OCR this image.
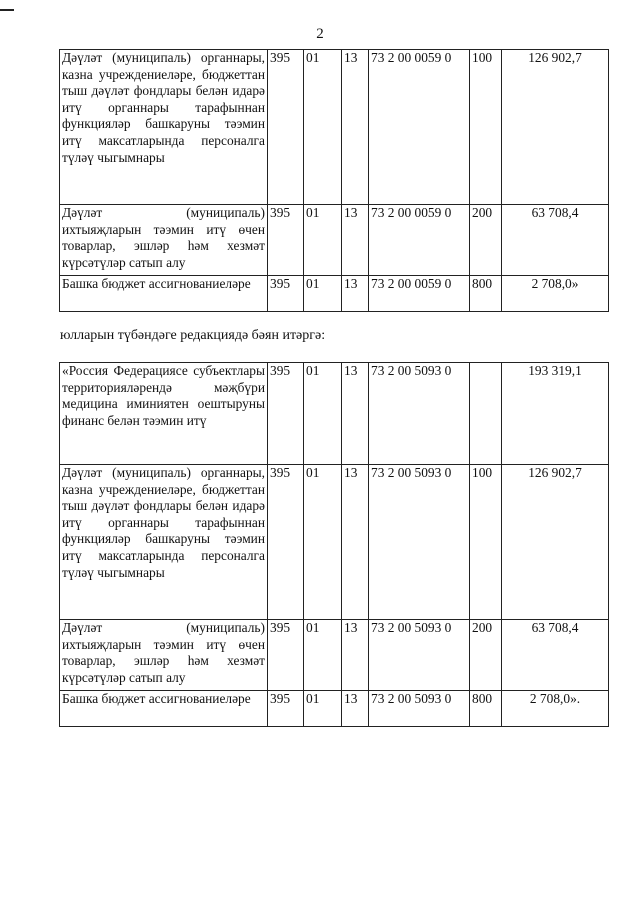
2
Дәүләт (муниципаль) органнары, казна учреждениеләре, бюджеттан тыш дәүләт фондлары белән идарә итү органнары тарафыннан функцияләр башкаруны тәэмин итү максатларында персоналга түләү чыгымнары	395	01	13	73 2 00 0059 0	100	126 902,7
Дәүләт (муниципаль) ихтыяҗларын тәэмин итү өчен товарлар, эшләр һәм хезмәт күрсәтүләр сатып алу	395	01	13	73 2 00 0059 0	200	63 708,4
Башка бюджет ассигнованиеләре	395	01	13	73 2 00 0059 0	800	2 708,0»
юлларын түбәндәге редакциядә бәян итәргә:
«Россия Федерациясе субъектлары территорияләрендә мәҗбүри медицина иминиятен оештыруны финанс белән тәэмин итү	395	01	13	73 2 00 5093 0		193 319,1
Дәүләт (муниципаль) органнары, казна учреждениеләре, бюджеттан тыш дәүләт фондлары белән идарә итү органнары тарафыннан функцияләр башкаруны тәэмин итү максатларында персоналга түләү чыгымнары	395	01	13	73 2 00 5093 0	100	126 902,7
Дәүләт (муниципаль) ихтыяҗларын тәэмин итү өчен товарлар, эшләр һәм хезмәт күрсәтүләр сатып алу	395	01	13	73 2 00 5093 0	200	63 708,4
Башка бюджет ассигнованиеләре	395	01	13	73 2 00 5093 0	800	2 708,0».
